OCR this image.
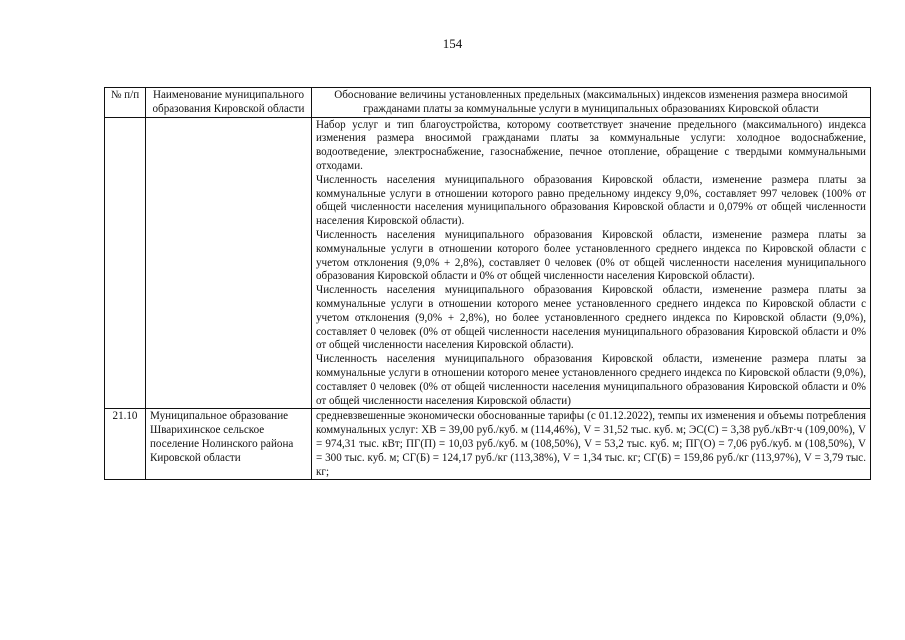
154
№ п/п	Наименование муниципального образования Кировской области	Обоснование величины установленных предельных (максимальных) индексов изменения размера вносимой гражданами платы за коммунальные услуги в муниципальных образованиях Кировской области

		Набор услуг и тип благоустройства, которому соответствует значение предельного (максимального) индекса изменения размера вносимой гражданами платы за коммунальные услуги: холодное водоснабжение, водоотведение, электроснабжение, газоснабжение, печное отопление, обращение с твердыми коммунальными отходами.
Численность населения муниципального образования Кировской области, изменение размера платы за коммунальные услуги в отношении которого равно предельному индексу 9,0%, составляет 997 человек (100% от общей численности населения муниципального образования Кировской области и 0,079% от общей численности населения Кировской области).
Численность населения муниципального образования Кировской области, изменение размера платы за коммунальные услуги в отношении которого более установленного среднего индекса по Кировской области с учетом отклонения (9,0% + 2,8%), составляет 0 человек (0% от общей численности населения муниципального образования Кировской области и 0% от общей численности населения Кировской области).
Численность населения муниципального образования Кировской области, изменение размера платы за коммунальные услуги в отношении которого менее установленного среднего индекса по Кировской области с учетом отклонения (9,0% + 2,8%), но более установленного среднего индекса по Кировской области (9,0%), составляет 0 человек (0% от общей численности населения муниципального образования Кировской области и 0% от общей численности населения Кировской области).
Численность населения муниципального образования Кировской области, изменение размера платы за коммунальные услуги в отношении которого менее установленного среднего индекса по Кировской области (9,0%), составляет 0 человек (0% от общей численности населения муниципального образования Кировской области и 0% от общей численности населения Кировской области)

21.10	Муниципальное образование Шварихинское сельское поселение Нолинского района Кировской области	средневзвешенные экономически обоснованные тарифы (с 01.12.2022), темпы их изменения и объемы потребления коммунальных услуг: ХВ = 39,00 руб./куб. м (114,46%), V = 31,52 тыс. куб. м; ЭС(С) = 3,38 руб./кВт·ч (109,00%), V = 974,31 тыс. кВт; ПГ(П) = 10,03 руб./куб. м (108,50%), V = 53,2 тыс. куб. м; ПГ(О) = 7,06 руб./куб. м (108,50%), V = 300 тыс. куб. м; СГ(Б) = 124,17 руб./кг (113,38%), V = 1,34 тыс. кг; СГ(Б) = 159,86 руб./кг (113,97%), V = 3,79 тыс. кг;
